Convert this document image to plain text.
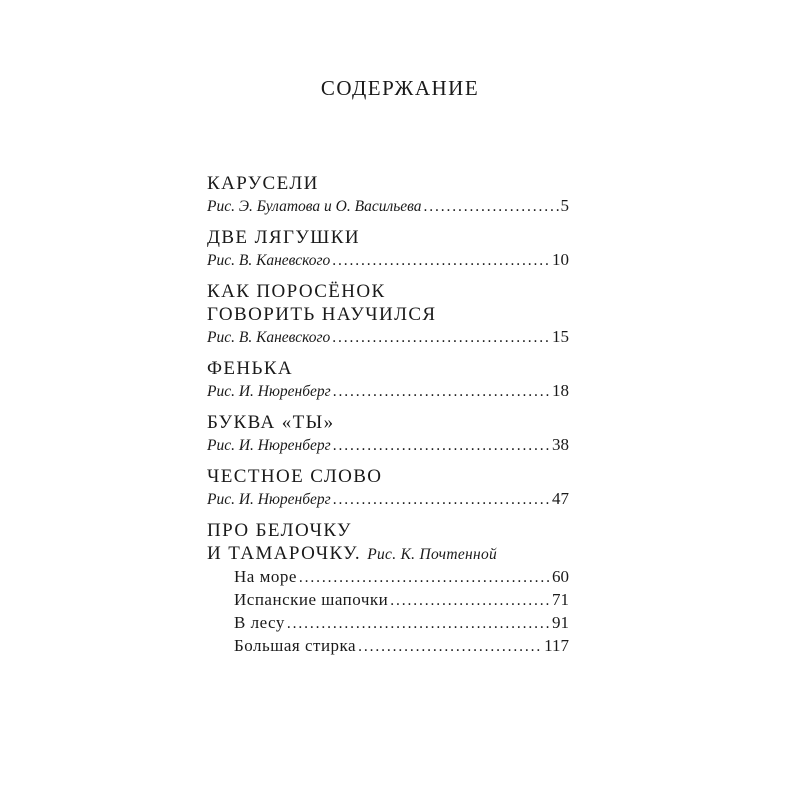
СОДЕРЖАНИЕ
КАРУСЕЛИ
Рис. Э. Булатова и О. Васильева . . .	5
ДВЕ ЛЯГУШКИ
Рис. В. Каневского . . .	10
КАК ПОРОСЁНОК
ГОВОРИТЬ НАУЧИЛСЯ
Рис. В. Каневского . . .	15
ФЕНЬКА
Рис. И. Нюренберг . . .	18
БУКВА «ТЫ»
Рис. И. Нюренберг . . .	38
ЧЕСТНОЕ СЛОВО
Рис. И. Нюренберг . . .	47
ПРО БЕЛОЧКУ
И ТАМАРОЧКУ. Рис. К. Почтенной
На море . . .	60
Испанские шапочки . . .	71
В лесу . . .	91
Большая стирка . . .	117
